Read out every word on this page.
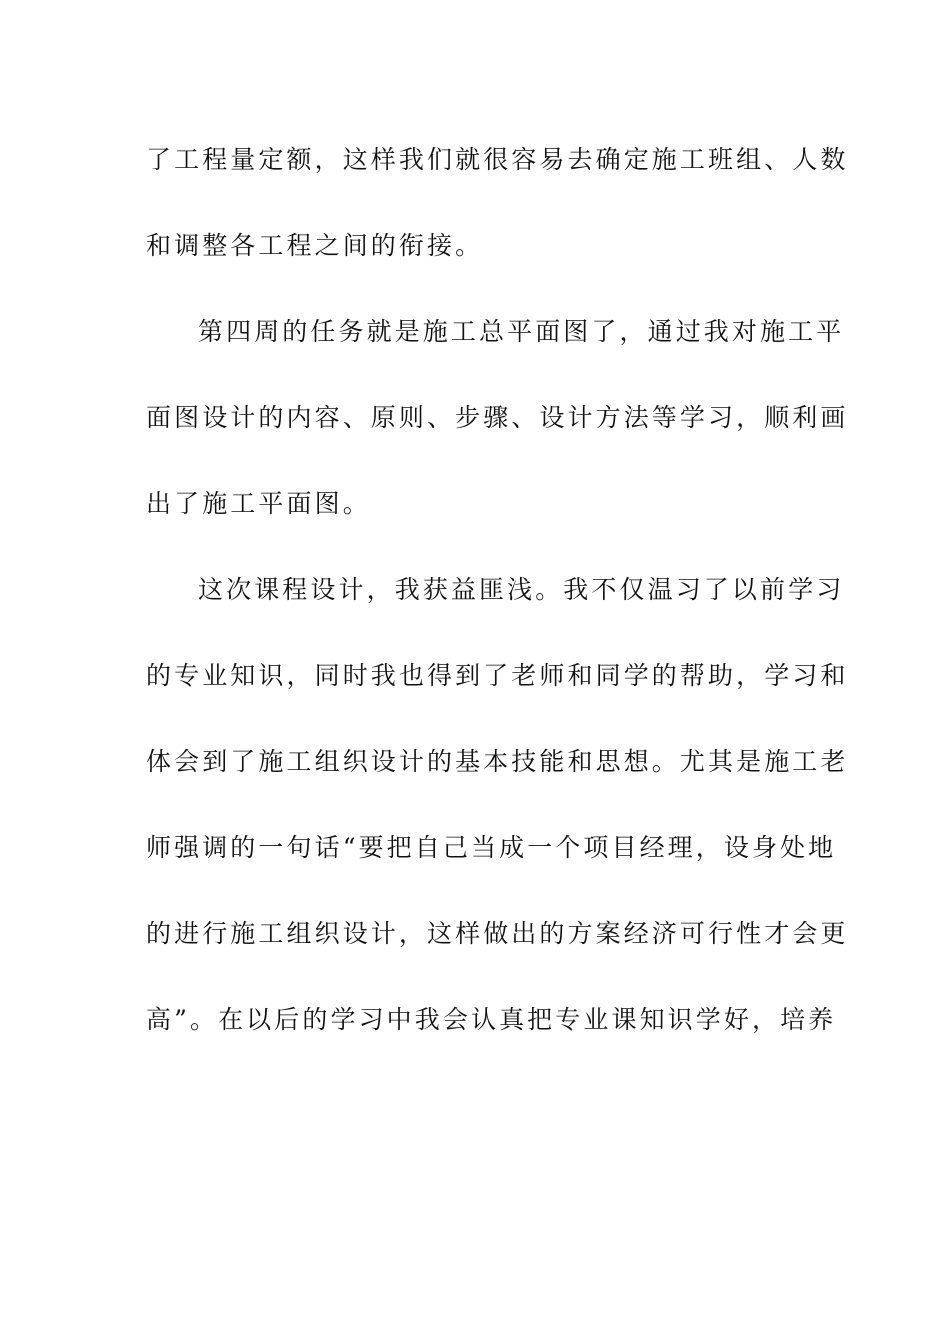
了工程量定额，这样我们就很容易去确定施工班组、人数
和调整各工程之间的衔接。
第四周的任务就是施工总平面图了，通过我对施工平
面图设计的内容、原则、步骤、设计方法等学习，顺利画
出了施工平面图。
这次课程设计，我获益匪浅。我不仅温习了以前学习
的专业知识，同时我也得到了老师和同学的帮助，学习和
体会到了施工组织设计的基本技能和思想。尤其是施工老
师强调的一句话“要把自己当成一个项目经理，设身处地
的进行施工组织设计，这样做出的方案经济可行性才会更
高”。在以后的学习中我会认真把专业课知识学好，培养
